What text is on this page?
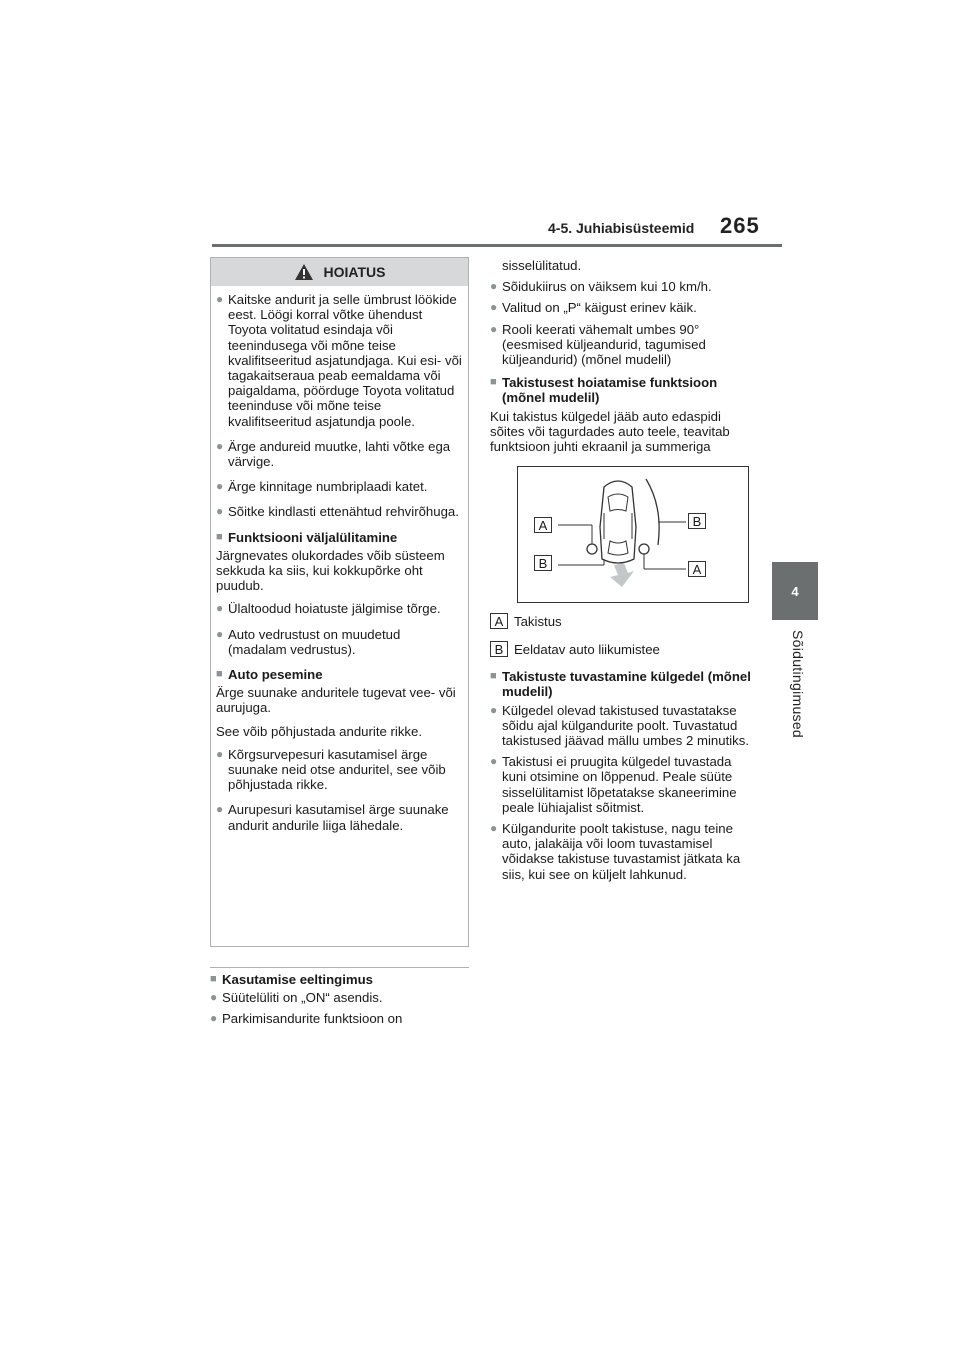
4-5. Juhiabisüsteemid 265
4
Sõidutingimused
HOIATUS
● Kaitske andurit ja selle ümbrust löökide eest. Löögi korral võtke ühendust Toyota volitatud esindaja või teenindusega või mõne teise kvalifitseeritud asjatundjaga. Kui esi- või tagakaitseraua peab eemaldama või paigaldama, pöörduge Toyota volitatud teeninduse või mõne teise kvalifitseeritud asjatundja poole.
● Ärge andureid muutke, lahti võtke ega värvige.
● Ärge kinnitage numbriplaadi katet.
● Sõitke kindlasti ettenähtud rehvirõhuga.
■ Funktsiooni väljalülitamine
Järgnevates olukordades võib süsteem sekkuda ka siis, kui kokkupõrke oht puudub.
● Ülaltoodud hoiatuste jälgimise tõrge.
● Auto vedrustust on muudetud (madalam vedrustus).
■ Auto pesemine
Ärge suunake anduritele tugevat vee- või aurujuga.
See võib põhjustada andurite rikke.
● Kõrgsurvepesuri kasutamisel ärge suunake neid otse anduritel, see võib põhjustada rikke.
● Aurupesuri kasutamisel ärge suunake andurit andurile liiga lähedale.
■ Kasutamise eeltingimus
● Süütelüliti on „ON“ asendis.
● Parkimisandurite funktsioon on
sisselülitatud.
● Sõidukiirus on väiksem kui 10 km/h.
● Valitud on „P“ käigust erinev käik.
● Rooli keerati vähemalt umbes 90° (eesmised küljeandurid, tagumised küljeandurid) (mõnel mudelil)
■ Takistusest hoiatamise funktsioon (mõnel mudelil)
Kui takistus külgedel jääb auto edaspidi sõites või tagurdades auto teele, teavitab funktsioon juhti ekraanil ja summeriga
A
B
B
A
A Takistus
B Eeldatav auto liikumistee
■ Takistuste tuvastamine külgedel (mõnel mudelil)
● Külgedel olevad takistused tuvastatakse sõidu ajal külgandurite poolt. Tuvastatud takistused jäävad mällu umbes 2 minutiks.
● Takistusi ei pruugita külgedel tuvastada kuni otsimine on lõppenud. Peale süüte sisselülitamist lõpetatakse skaneerimine peale lühiajalist sõitmist.
● Külgandurite poolt takistuse, nagu teine auto, jalakäija või loom tuvastamisel võidakse takistuse tuvastamist jätkata ka siis, kui see on küljelt lahkunud.
